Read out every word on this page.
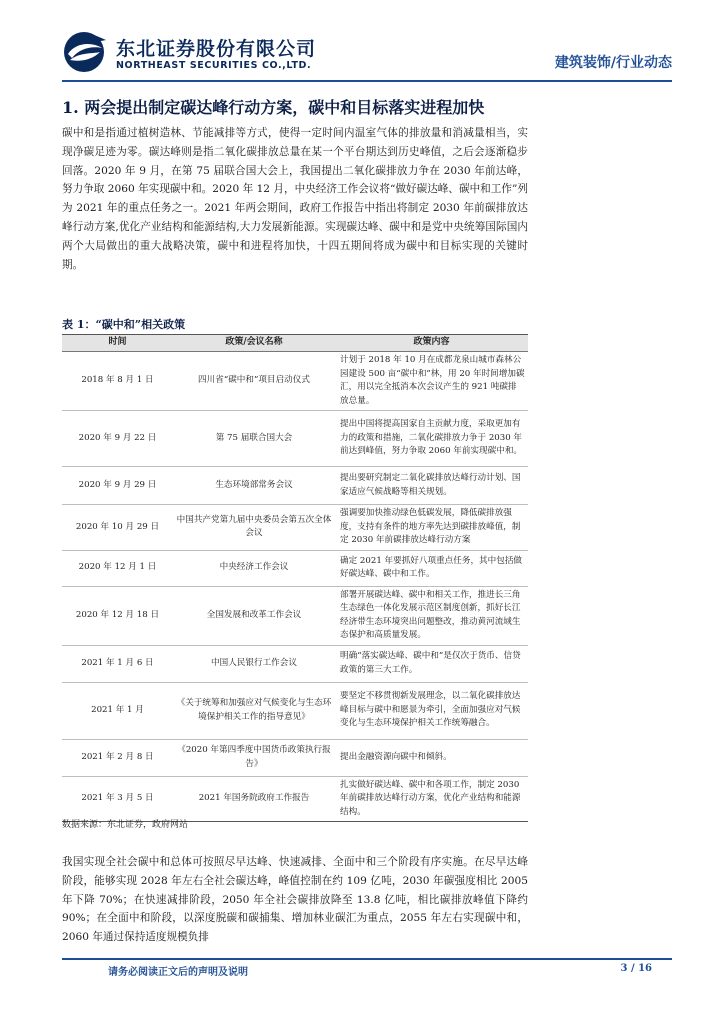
东北证券股份有限公司
NORTHEAST SECURITIES CO.,LTD.	建筑装饰/行业动态
1. 两会提出制定碳达峰行动方案，碳中和目标落实进程加快

碳中和是指通过植树造林、节能减排等方式，使得一定时间内温室气体的排放量和消减量相当，实现净碳足迹为零。碳达峰则是指二氧化碳排放总量在某一个平台期达到历史峰值，之后会逐渐稳步回落。2020 年 9 月，在第 75 届联合国大会上，我国提出二氧化碳排放力争在 2030 年前达峰，努力争取 2060 年实现碳中和。2020 年 12 月，中央经济工作会议将“做好碳达峰、碳中和工作”列为 2021 年的重点任务之一。2021 年两会期间，政府工作报告中指出将制定 2030 年前碳排放达峰行动方案,优化产业结构和能源结构,大力发展新能源。实现碳达峰、碳中和是党中央统筹国际国内两个大局做出的重大战略决策，碳中和进程将加快，十四五期间将成为碳中和目标实现的关键时期。

表 1：“碳中和”相关政策
时间	政策/会议名称	政策内容
2018 年 8 月 1 日	四川省“碳中和”项目启动仪式	计划于 2018 年 10 月在成都龙泉山城市森林公园建设 500 亩“碳中和”林，用 20 年时间增加碳汇，用以完全抵消本次会议产生的 921 吨碳排放总量。
2020 年 9 月 22 日	第 75 届联合国大会	提出中国将提高国家自主贡献力度，采取更加有力的政策和措施，二氧化碳排放力争于 2030 年前达到峰值，努力争取 2060 年前实现碳中和。
2020 年 9 月 29 日	生态环境部常务会议	提出要研究制定二氧化碳排放达峰行动计划、国家适应气候战略等相关规划。
2020 年 10 月 29 日	中国共产党第九届中央委员会第五次全体会议	强调要加快推动绿色低碳发展，降低碳排放强度，支持有条件的地方率先达到碳排放峰值，制定 2030 年前碳排放达峰行动方案
2020 年 12 月 1 日	中央经济工作会议	确定 2021 年要抓好八项重点任务，其中包括做好碳达峰、碳中和工作。
2020 年 12 月 18 日	全国发展和改革工作会议	部署开展碳达峰、碳中和相关工作，推进长三角生态绿色一体化发展示范区制度创新，抓好长江经济带生态环境突出问题整改，推动黄河流域生态保护和高质量发展。
2021 年 1 月 6 日	中国人民银行工作会议	明确“落实碳达峰、碳中和”是仅次于货币、信贷政策的第三大工作。
2021 年 1 月	《关于统筹和加强应对气候变化与生态环境保护相关工作的指导意见》	要坚定不移贯彻新发展理念，以二氧化碳排放达峰目标与碳中和愿景为牵引，全面加强应对气候变化与生态环境保护相关工作统筹融合。
2021 年 2 月 8 日	《2020 年第四季度中国货币政策执行报告》	提出金融资源向碳中和倾斜。
2021 年 3 月 5 日	2021 年国务院政府工作报告	扎实做好碳达峰、碳中和各项工作，制定 2030 年前碳排放达峰行动方案，优化产业结构和能源结构。
数据来源：东北证券，政府网站

我国实现全社会碳中和总体可按照尽早达峰、快速减排、全面中和三个阶段有序实施。在尽早达峰阶段，能够实现 2028 年左右全社会碳达峰，峰值控制在约 109 亿吨，2030 年碳强度相比 2005 年下降 70%；在快速减排阶段，2050 年全社会碳排放降至 13.8 亿吨，相比碳排放峰值下降约 90%；在全面中和阶段，以深度脱碳和碳捕集、增加林业碳汇为重点，2055 年左右实现碳中和，2060 年通过保持适度规模负排

请务必阅读正文后的声明及说明	3 / 16
